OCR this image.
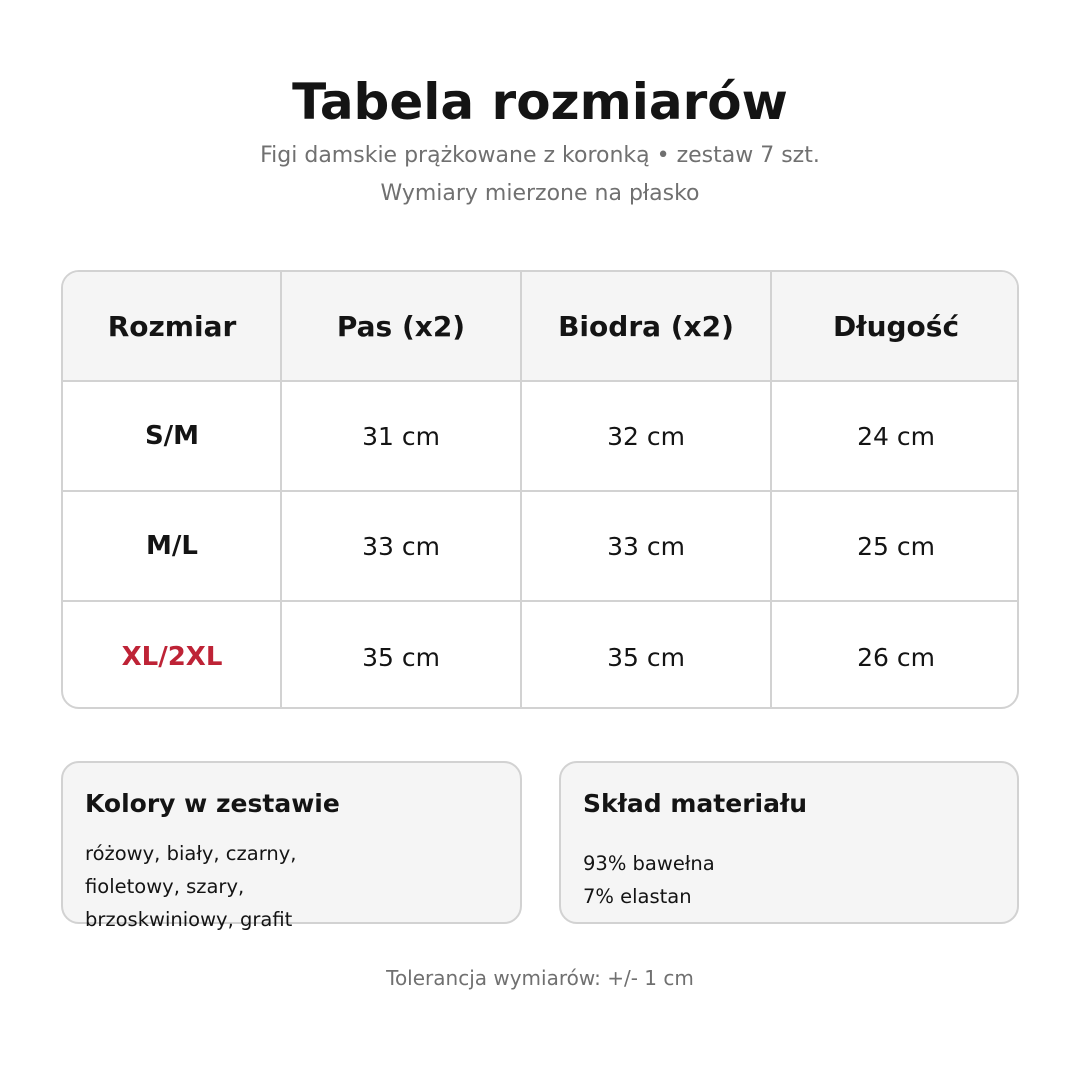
Tabela rozmiarów
Figi damskie prążkowane z koronką • zestaw 7 szt.
Wymiary mierzone na płasko
Rozmiar	Pas (x2)	Biodra (x2)	Długość
S/M	31 cm	32 cm	24 cm
M/L	33 cm	33 cm	25 cm
XL/2XL	35 cm	35 cm	26 cm
Kolory w zestawie
różowy, biały, czarny,
fioletowy, szary,
brzoskwiniowy, grafit
Skład materiału
93% bawełna
7% elastan
Tolerancja wymiarów: +/- 1 cm
